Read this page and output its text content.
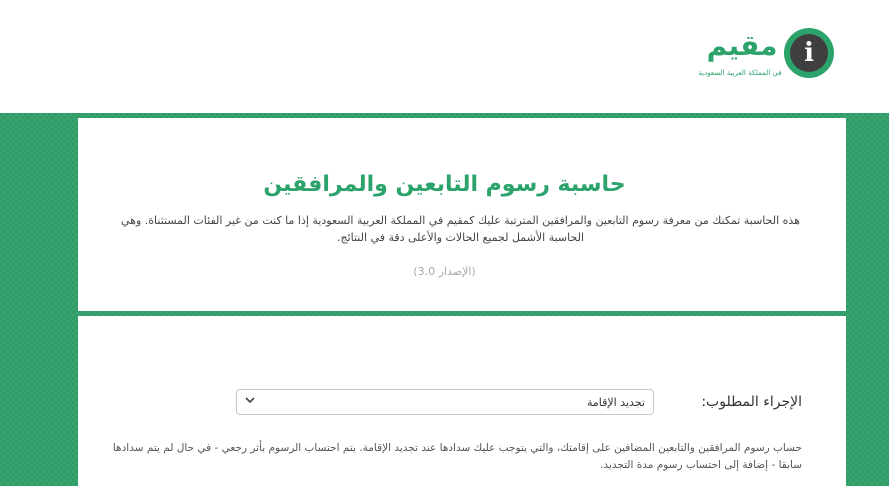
i
مقيم
في المملكة العربية السعودية
حاسبة رسوم التابعين والمرافقين

هذه الحاسبة تمكنك من معرفة رسوم التابعين والمرافقين المترتبة عليك كمقيم في المملكة العربية السعودية إذا ما كنت من غير الفئات المستثناة. وهي الحاسبة الأشمل لجميع الحالات والأعلى دقة في النتائج.

(الإصدار 3.0)
الإجراء المطلوب:
تجديد الإقامة

حساب رسوم المرافقين والتابعين المضافين على إقامتك، والتي يتوجب عليك سدادها عند تجديد الإقامة. يتم احتساب الرسوم بأثر رجعي - في حال لم يتم سدادها سابقا - إضافة إلى احتساب رسوم مدة التجديد.
